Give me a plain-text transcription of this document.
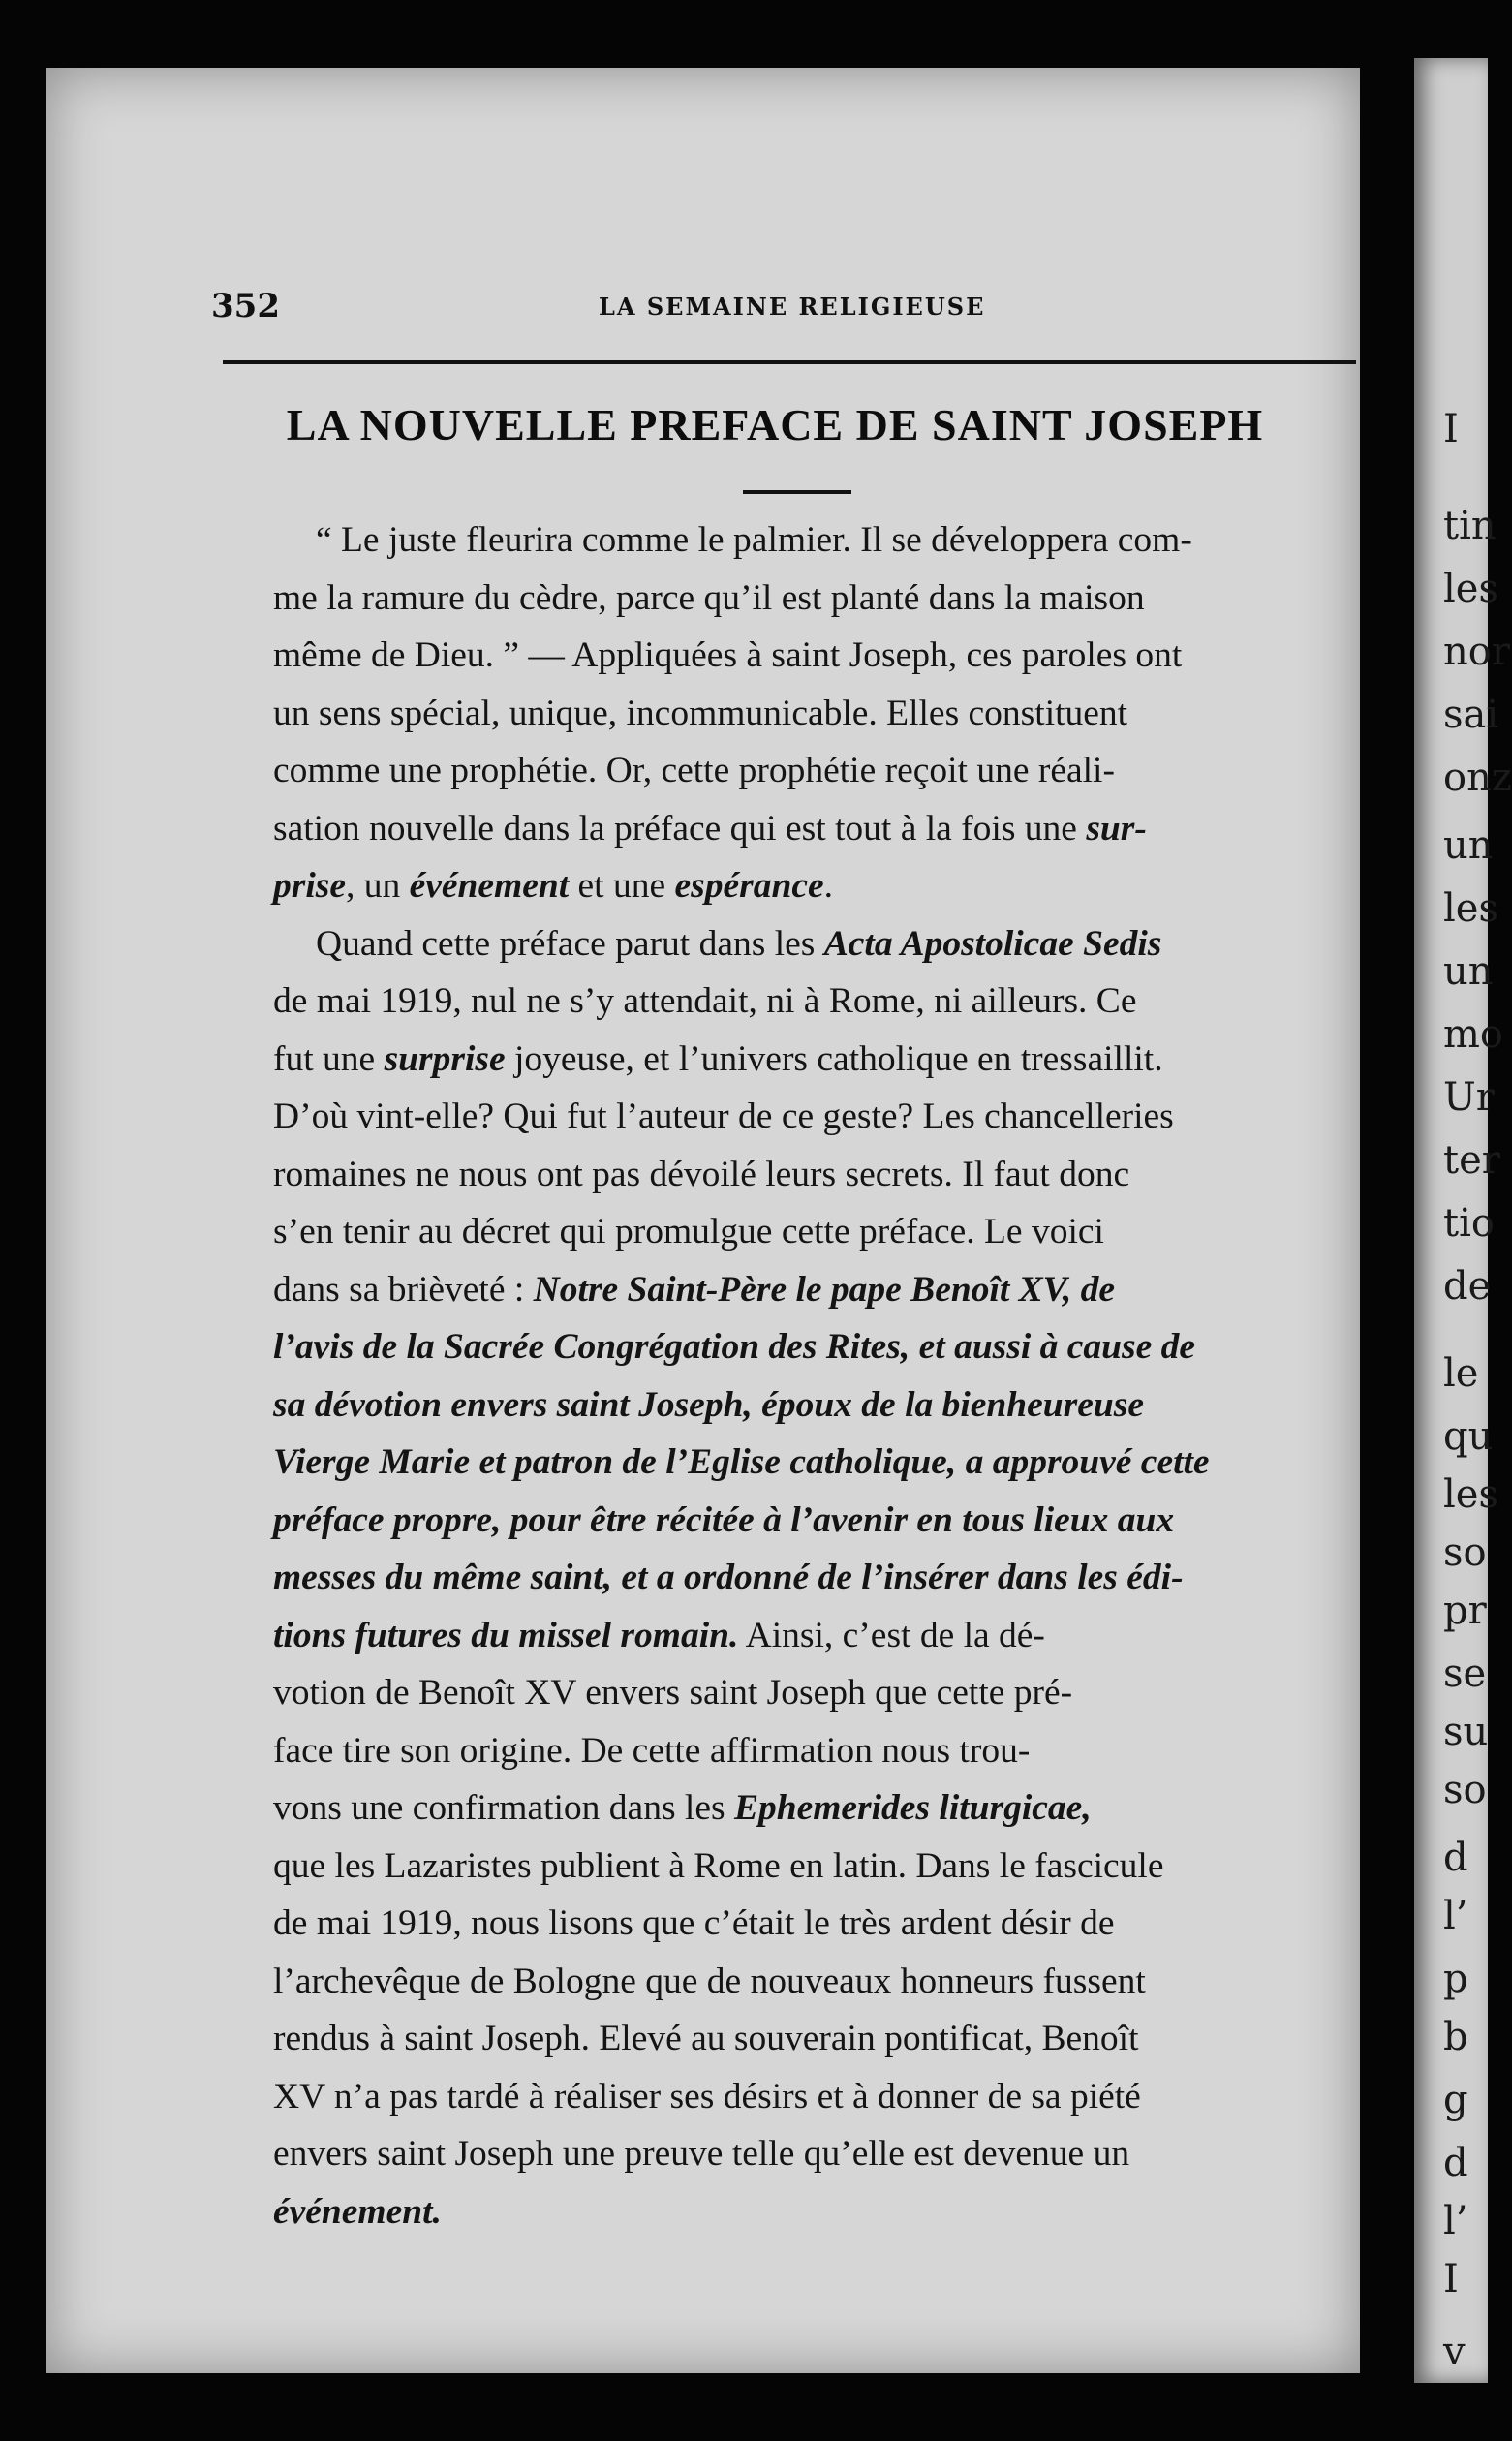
I
tin
les
nor
sai
onz
un
les
un
mo
Ur
ter
tio
de
le
qu
les
so
pr
se
su
so
d
l’
p
b
g
d
l’
I
v
352	LA SEMAINE RELIGIEUSE
LA NOUVELLE PREFACE DE SAINT JOSEPH
“ Le juste fleurira comme le palmier. Il se développera com-
me la ramure du cèdre, parce qu’il est planté dans la maison
même de Dieu. ” — Appliquées à saint Joseph, ces paroles ont
un sens spécial, unique, incommunicable. Elles constituent
comme une prophétie. Or, cette prophétie reçoit une réali-
sation nouvelle dans la préface qui est tout à la fois une sur-
prise, un événement et une espérance.
Quand cette préface parut dans les Acta Apostolicae Sedis
de mai 1919, nul ne s’y attendait, ni à Rome, ni ailleurs. Ce
fut une surprise joyeuse, et l’univers catholique en tressaillit.
D’où vint-elle? Qui fut l’auteur de ce geste? Les chancelleries
romaines ne nous ont pas dévoilé leurs secrets. Il faut donc
s’en tenir au décret qui promulgue cette préface. Le voici
dans sa brièveté : Notre Saint-Père le pape Benoît XV, de
l’avis de la Sacrée Congrégation des Rites, et aussi à cause de
sa dévotion envers saint Joseph, époux de la bienheureuse
Vierge Marie et patron de l’Eglise catholique, a approuvé cette
préface propre, pour être récitée à l’avenir en tous lieux aux
messes du même saint, et a ordonné de l’insérer dans les édi-
tions futures du missel romain. Ainsi, c’est de la dé-
votion de Benoît XV envers saint Joseph que cette pré-
face tire son origine. De cette affirmation nous trou-
vons une confirmation dans les Ephemerides liturgicae,
que les Lazaristes publient à Rome en latin. Dans le fascicule
de mai 1919, nous lisons que c’était le très ardent désir de
l’archevêque de Bologne que de nouveaux honneurs fussent
rendus à saint Joseph. Elevé au souverain pontificat, Benoît
XV n’a pas tardé à réaliser ses désirs et à donner de sa piété
envers saint Joseph une preuve telle qu’elle est devenue un
événement.
